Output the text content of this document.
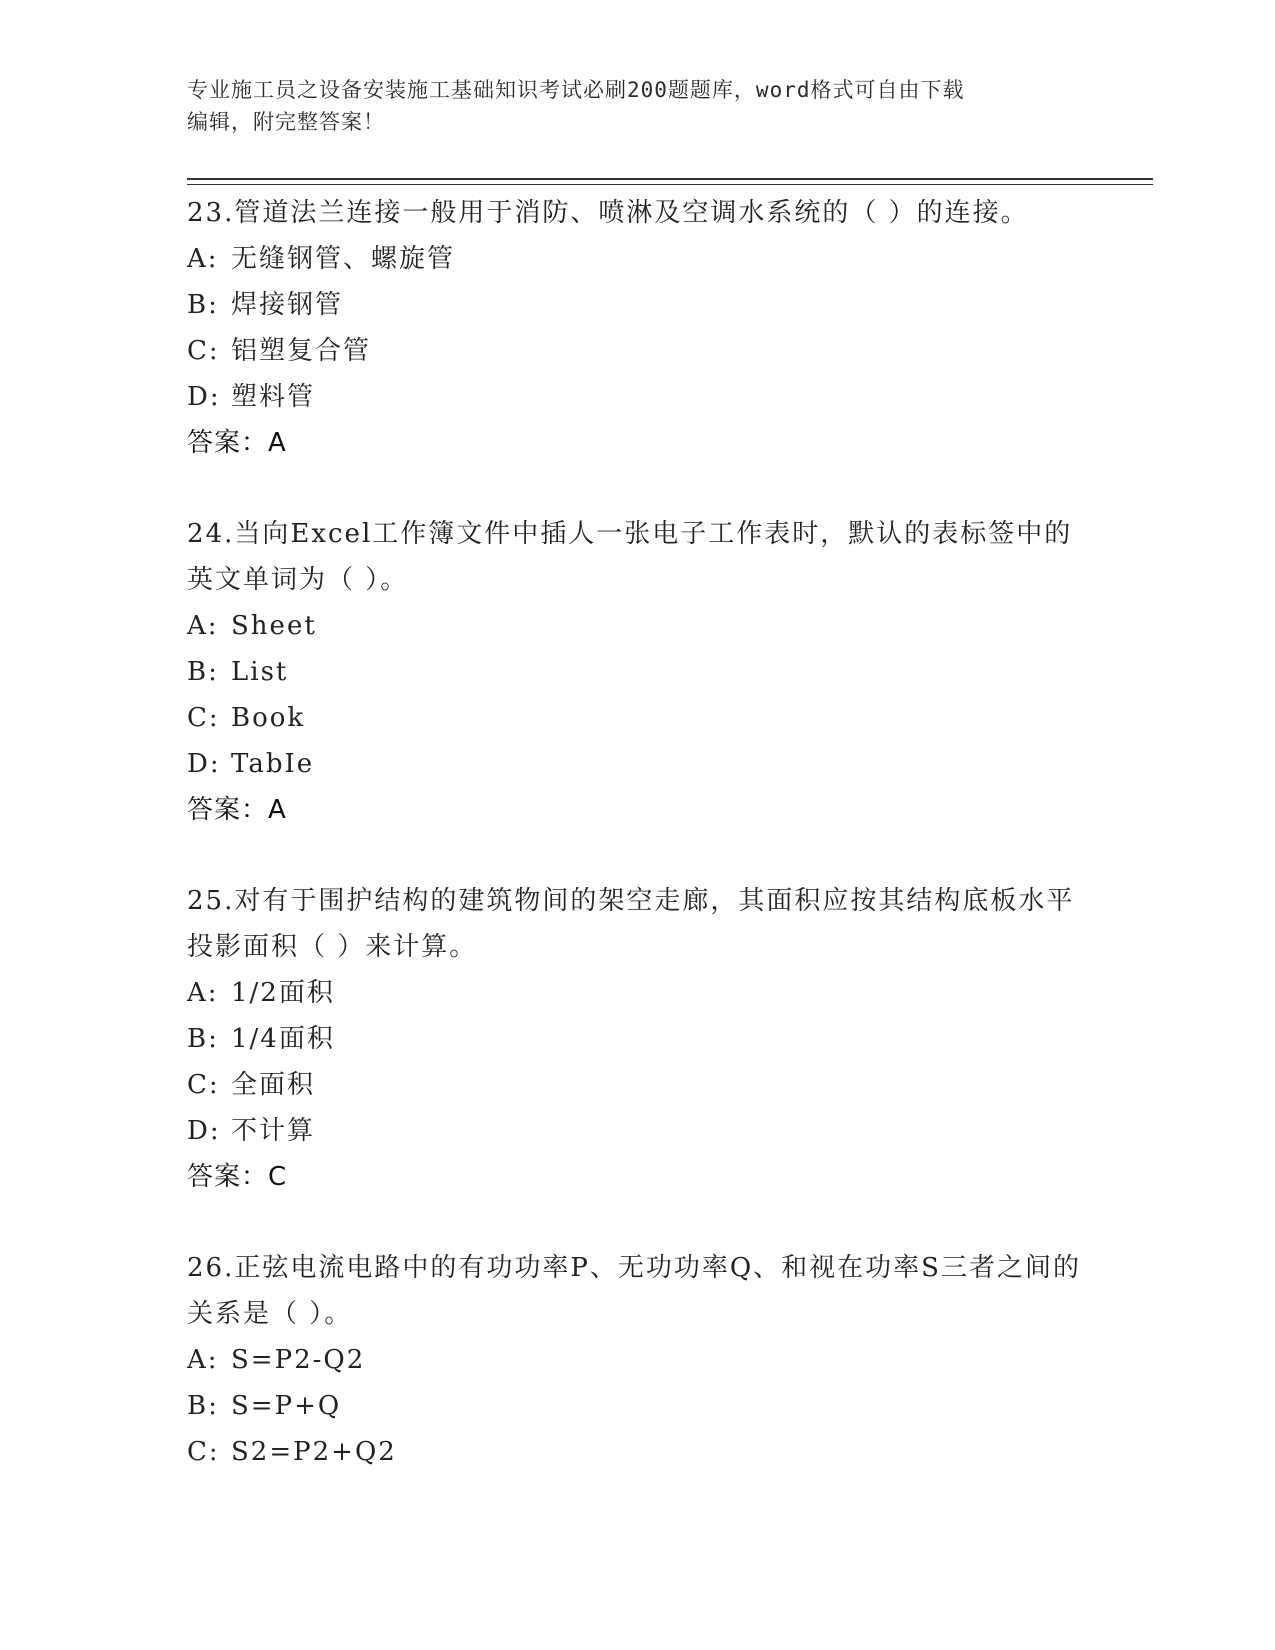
专业施工员之设备安装施工基础知识考试必刷200题题库，word格式可自由下载
编辑，附完整答案！

23.管道法兰连接一般用于消防、喷淋及空调水系统的（ ）的连接。

A: 无缝钢管、螺旋管
B: 焊接钢管
C: 铝塑复合管
D: 塑料管
答案：A

24.当向Excel工作簿文件中插人一张电子工作表时，默认的表标签中的英文单词为（ ）。

A: Sheet
B: List
C: Book
D: TabIe
答案：A

25.对有于围护结构的建筑物间的架空走廊，其面积应按其结构底板水平投影面积（ ）来计算。

A: 1/2面积
B: 1/4面积
C: 全面积
D: 不计算
答案：C

26.正弦电流电路中的有功功率P、无功功率Q、和视在功率S三者之间的关系是（ ）。

A: S=P2-Q2
B: S=P+Q
C: S2=P2+Q2
